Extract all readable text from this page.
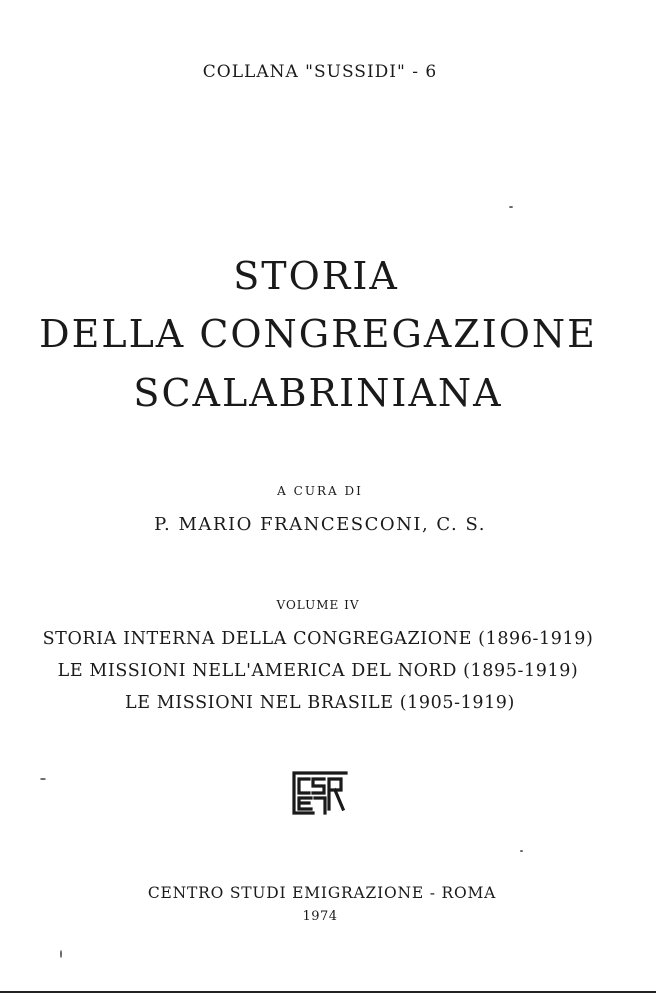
COLLANA "SUSSIDI" - 6
STORIA
DELLA CONGREGAZIONE
SCALABRINIANA
A CURA DI
P. MARIO FRANCESCONI, C. S.
VOLUME IV
STORIA INTERNA DELLA CONGREGAZIONE (1896-1919)
LE MISSIONI NELL'AMERICA DEL NORD (1895-1919)
LE MISSIONI NEL BRASILE (1905-1919)
CENTRO STUDI EMIGRAZIONE - ROMA
1974
